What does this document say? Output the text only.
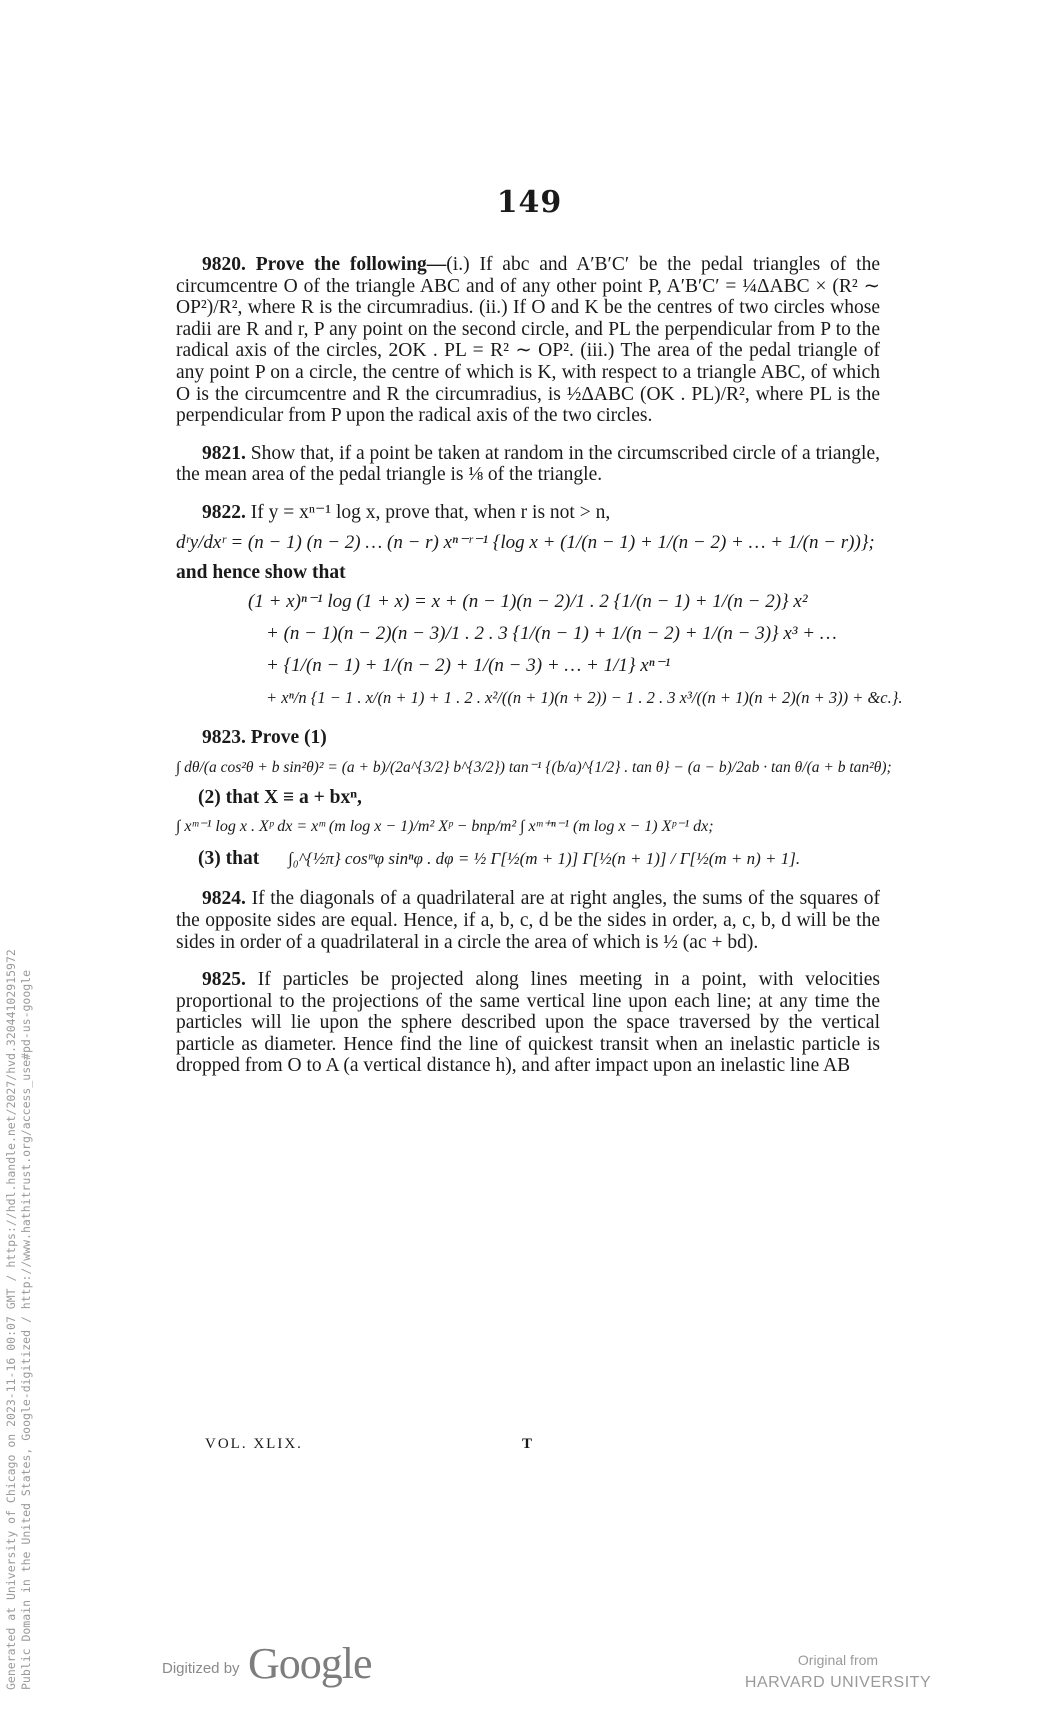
149

9820. Prove the following—(i.) If abc and A′B′C′ be the pedal triangles of the circumcentre O of the triangle ABC and of any other point P, A′B′C′ = ¼ΔABC × (R² ∼ OP²)/R², where R is the circumradius. (ii.) If O and K be the centres of two circles whose radii are R and r, P any point on the second circle, and PL the perpendicular from P to the radical axis of the circles, 2OK . PL = R² ∼ OP². (iii.) The area of the pedal triangle of any point P on a circle, the centre of which is K, with respect to a triangle ABC, of which O is the circumcentre and R the circumradius, is ½ΔABC (OK . PL)/R², where PL is the perpendicular from P upon the radical axis of the two circles.

9821. Show that, if a point be taken at random in the circumscribed circle of a triangle, the mean area of the pedal triangle is ⅛ of the triangle.

9822. If y = xⁿ⁻¹ log x, prove that, when r is not > n,
dʳy/dxʳ = (n − 1) (n − 2) … (n − r) xⁿ⁻ʳ⁻¹ {log x + (1/(n − 1) + 1/(n − 2) + … + 1/(n − r))};
and hence show that
(1 + x)ⁿ⁻¹ log (1 + x) = x + (n − 1)(n − 2)/1 . 2 {1/(n − 1) + 1/(n − 2)} x²
+ (n − 1)(n − 2)(n − 3)/1 . 2 . 3 {1/(n − 1) + 1/(n − 2) + 1/(n − 3)} x³ + …
+ {1/(n − 1) + 1/(n − 2) + 1/(n − 3) + … + 1/1} xⁿ⁻¹
+ xⁿ/n {1 − 1 . x/(n + 1) + 1 . 2 . x²/((n + 1)(n + 2)) − 1 . 2 . 3 x³/((n + 1)(n + 2)(n + 3)) + &c.}.
9823. Prove (1)
∫ dθ/(a cos²θ + b sin²θ)² = (a + b)/(2a^{3/2} b^{3/2}) tan⁻¹ {(b/a)^{1/2} . tan θ} − (a − b)/2ab · tan θ/(a + b tan²θ);
(2) that X ≡ a + bxⁿ,
∫ xᵐ⁻¹ log x . Xᵖ dx = xᵐ (m log x − 1)/m² Xᵖ − bnp/m² ∫ xᵐ⁺ⁿ⁻¹ (m log x − 1) Xᵖ⁻¹ dx;
(3) that ∫₀^{½π} cosᵐφ sinⁿφ . dφ = ½ Γ[½(m + 1)] Γ[½(n + 1)] / Γ[½(m + n) + 1].

9824. If the diagonals of a quadrilateral are at right angles, the sums of the squares of the opposite sides are equal. Hence, if a, b, c, d be the sides in order, a, c, b, d will be the sides in order of a quadrilateral in a circle the area of which is ½ (ac + bd).

9825. If particles be projected along lines meeting in a point, with velocities proportional to the projections of the same vertical line upon each line; at any time the particles will lie upon the sphere described upon the space traversed by the vertical particle as diameter. Hence find the line of quickest transit when an inelastic particle is dropped from O to A (a vertical distance h), and after impact upon an inelastic line AB

VOL. XLIX.	T
Generated at University of Chicago on 2023-11-16 00:07 GMT / https://hdl.handle.net/2027/hvd.32044102915972 Public Domain in the United States, Google-digitized / http://www.hathitrust.org/access_use#pd-us-google	Digitized by Google	Original from
HARVARD UNIVERSITY
